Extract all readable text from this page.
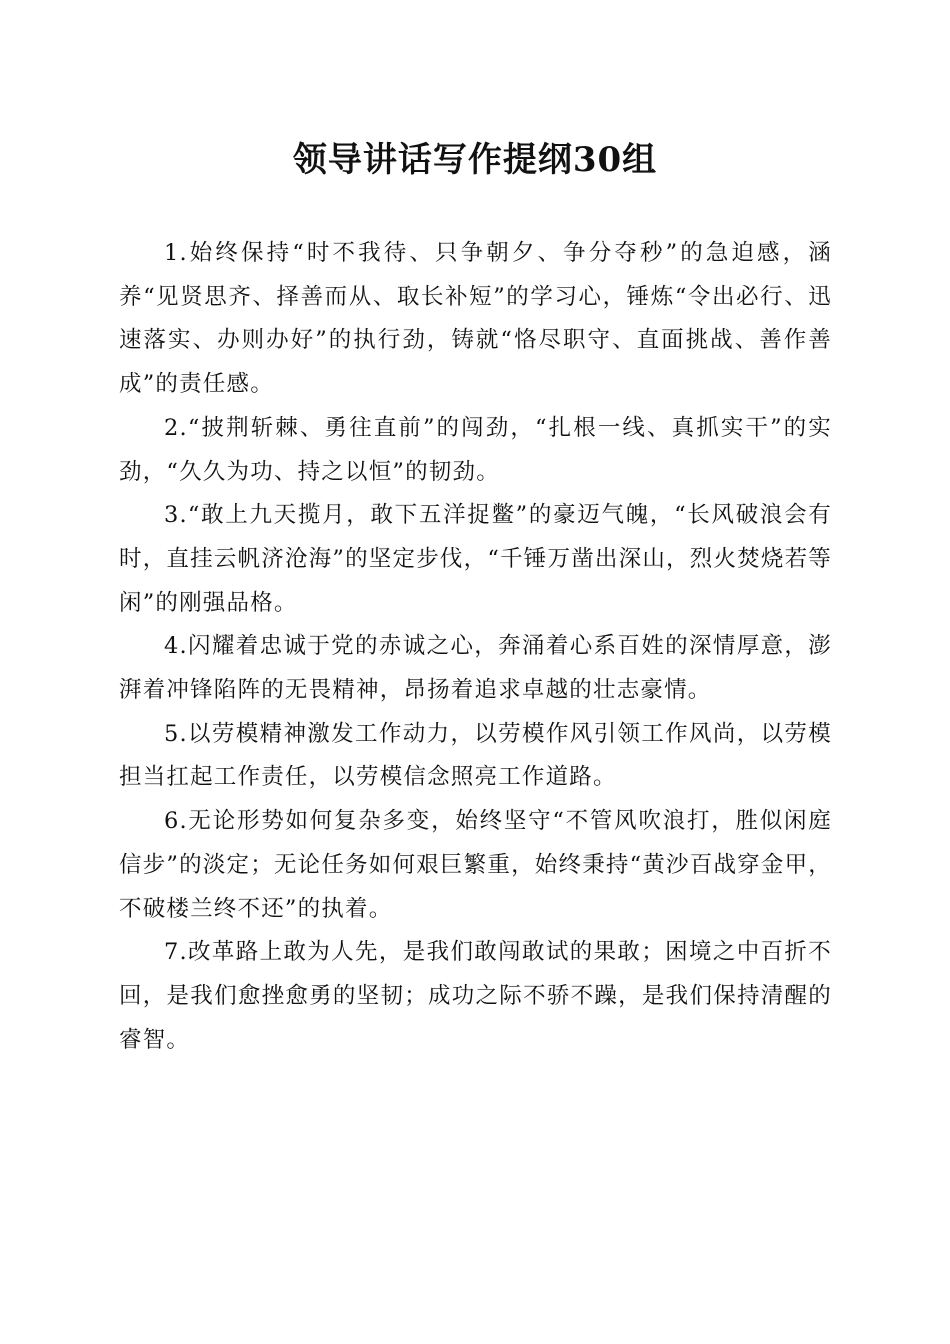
领导讲话写作提纲30组

1.始终保持“时不我待、只争朝夕、争分夺秒”的急迫感，涵养“见贤思齐、择善而从、取长补短”的学习心，锤炼“令出必行、迅速落实、办则办好”的执行劲，铸就“恪尽职守、直面挑战、善作善成”的责任感。

2.“披荆斩棘、勇往直前”的闯劲，“扎根一线、真抓实干”的实劲，“久久为功、持之以恒”的韧劲。

3.“敢上九天揽月，敢下五洋捉鳖”的豪迈气魄，“长风破浪会有时，直挂云帆济沧海”的坚定步伐，“千锤万凿出深山，烈火焚烧若等闲”的刚强品格。

4.闪耀着忠诚于党的赤诚之心，奔涌着心系百姓的深情厚意，澎湃着冲锋陷阵的无畏精神，昂扬着追求卓越的壮志豪情。

5.以劳模精神激发工作动力，以劳模作风引领工作风尚，以劳模担当扛起工作责任，以劳模信念照亮工作道路。

6.无论形势如何复杂多变，始终坚守“不管风吹浪打，胜似闲庭信步”的淡定；无论任务如何艰巨繁重，始终秉持“黄沙百战穿金甲，不破楼兰终不还”的执着。

7.改革路上敢为人先，是我们敢闯敢试的果敢；困境之中百折不回，是我们愈挫愈勇的坚韧；成功之际不骄不躁，是我们保持清醒的睿智。
